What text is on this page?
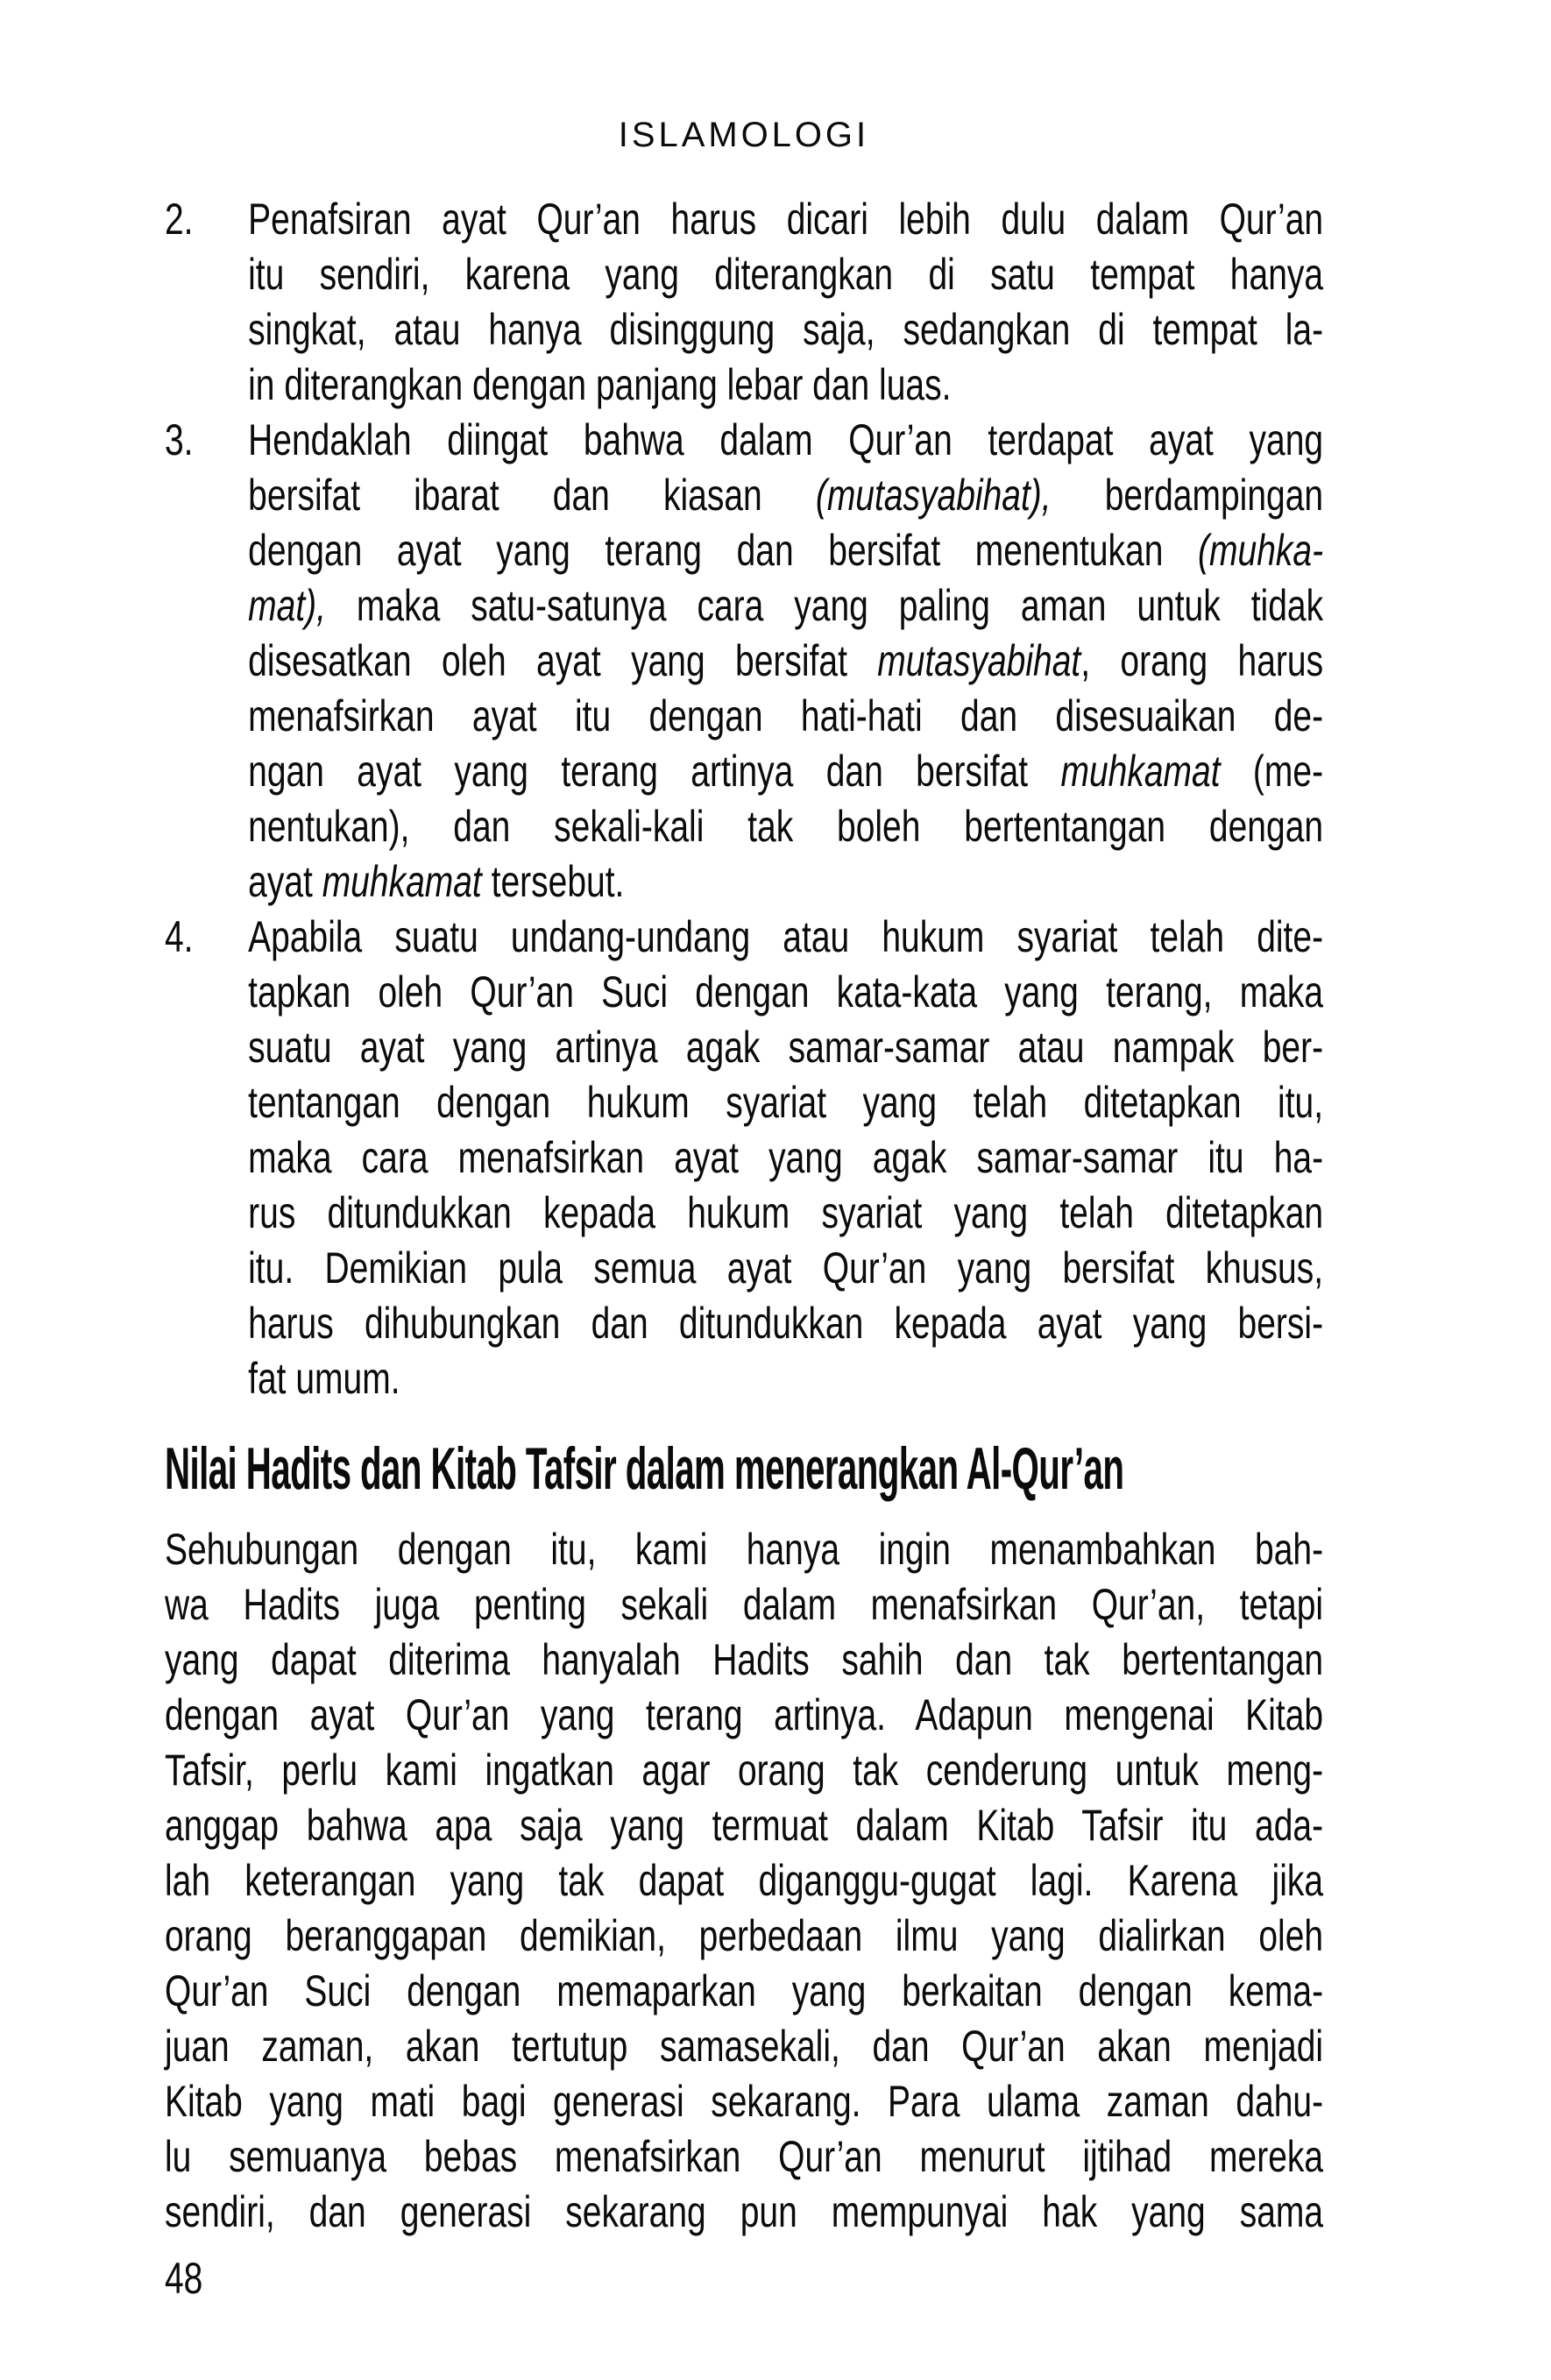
ISLAMOLOGI
2.	Penafsiran ayat Qur’an harus dicari lebih dulu dalam Qur’an
itu sendiri, karena yang diterangkan di satu tempat hanya
singkat, atau hanya disinggung saja, sedangkan di tempat la-
in diterangkan dengan panjang lebar dan luas.
3.	Hendaklah diingat bahwa dalam Qur’an terdapat ayat yang
bersifat ibarat dan kiasan (mutasyabihat), berdampingan
dengan ayat yang terang dan bersifat menentukan (muhka-
mat), maka satu-satunya cara yang paling aman untuk tidak
disesatkan oleh ayat yang bersifat mutasyabihat, orang harus
menafsirkan ayat itu dengan hati-hati dan disesuaikan de-
ngan ayat yang terang artinya dan bersifat muhkamat (me-
nentukan), dan sekali-kali tak boleh bertentangan dengan
ayat muhkamat tersebut.
4.	Apabila suatu undang-undang atau hukum syariat telah dite-
tapkan oleh Qur’an Suci dengan kata-kata yang terang, maka
suatu ayat yang artinya agak samar-samar atau nampak ber-
tentangan dengan hukum syariat yang telah ditetapkan itu,
maka cara menafsirkan ayat yang agak samar-samar itu ha-
rus ditundukkan kepada hukum syariat yang telah ditetapkan
itu. Demikian pula semua ayat Qur’an yang bersifat khusus,
harus dihubungkan dan ditundukkan kepada ayat yang bersi-
fat umum.
Nilai Hadits dan Kitab Tafsir dalam menerangkan Al-Qur’an
Sehubungan dengan itu, kami hanya ingin menambahkan bah-
wa Hadits juga penting sekali dalam menafsirkan Qur’an, tetapi
yang dapat diterima hanyalah Hadits sahih dan tak bertentangan
dengan ayat Qur’an yang terang artinya. Adapun mengenai Kitab
Tafsir, perlu kami ingatkan agar orang tak cenderung untuk meng-
anggap bahwa apa saja yang termuat dalam Kitab Tafsir itu ada-
lah keterangan yang tak dapat diganggu-gugat lagi. Karena jika
orang beranggapan demikian, perbedaan ilmu yang dialirkan oleh
Qur’an Suci dengan memaparkan yang berkaitan dengan kema-
juan zaman, akan tertutup samasekali, dan Qur’an akan menjadi
Kitab yang mati bagi generasi sekarang. Para ulama zaman dahu-
lu semuanya bebas menafsirkan Qur’an menurut ijtihad mereka
sendiri, dan generasi sekarang pun mempunyai hak yang sama
48
